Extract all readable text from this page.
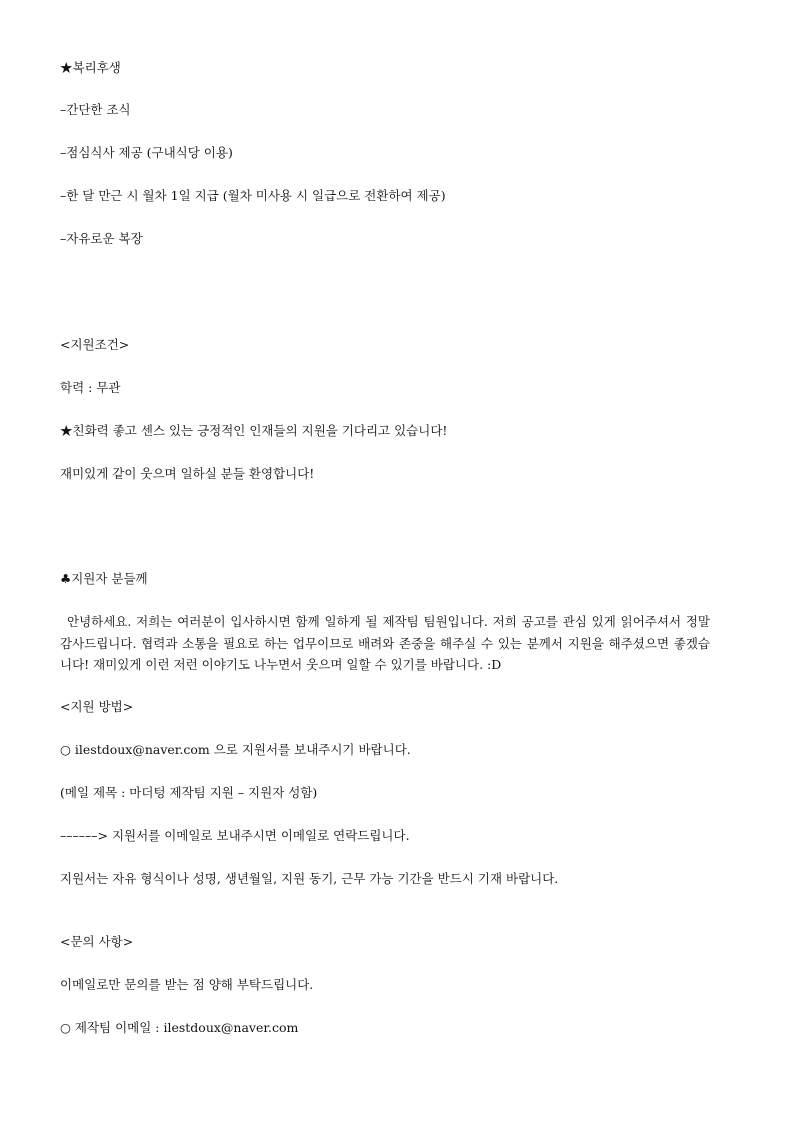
★복리후생
–간단한 조식
–점심식사 제공 (구내식당 이용)
–한 달 만근 시 월차 1일 지급 (월차 미사용 시 일급으로 전환하여 제공)
–자유로운 복장
<지원조건>
학력 : 무관
★친화력 좋고 센스 있는 긍정적인 인재들의 지원을 기다리고 있습니다!
재미있게 같이 웃으며 일하실 분들 환영합니다!
♣지원자 분들께
안녕하세요. 저희는 여러분이 입사하시면 함께 일하게 될 제작팀 팀원입니다. 저희 공고를 관심 있게 읽어주셔서 정말 감사드립니다. 협력과 소통을 필요로 하는 업무이므로 배려와 존중을 해주실 수 있는 분께서 지원을 해주셨으면 좋겠습니다! 재미있게 이런 저런 이야기도 나누면서 웃으며 일할 수 있기를 바랍니다. :D
<지원 방법>
○ ilestdoux@naver.com 으로 지원서를 보내주시기 바랍니다.
(메일 제목 : 마더텅 제작팀 지원 – 지원자 성함)
––––––> 지원서를 이메일로 보내주시면 이메일로 연락드립니다.
지원서는 자유 형식이나 성명, 생년월일, 지원 동기, 근무 가능 기간을 반드시 기재 바랍니다.
<문의 사항>
이메일로만 문의를 받는 점 양해 부탁드립니다.
○ 제작팀 이메일 : ilestdoux@naver.com
